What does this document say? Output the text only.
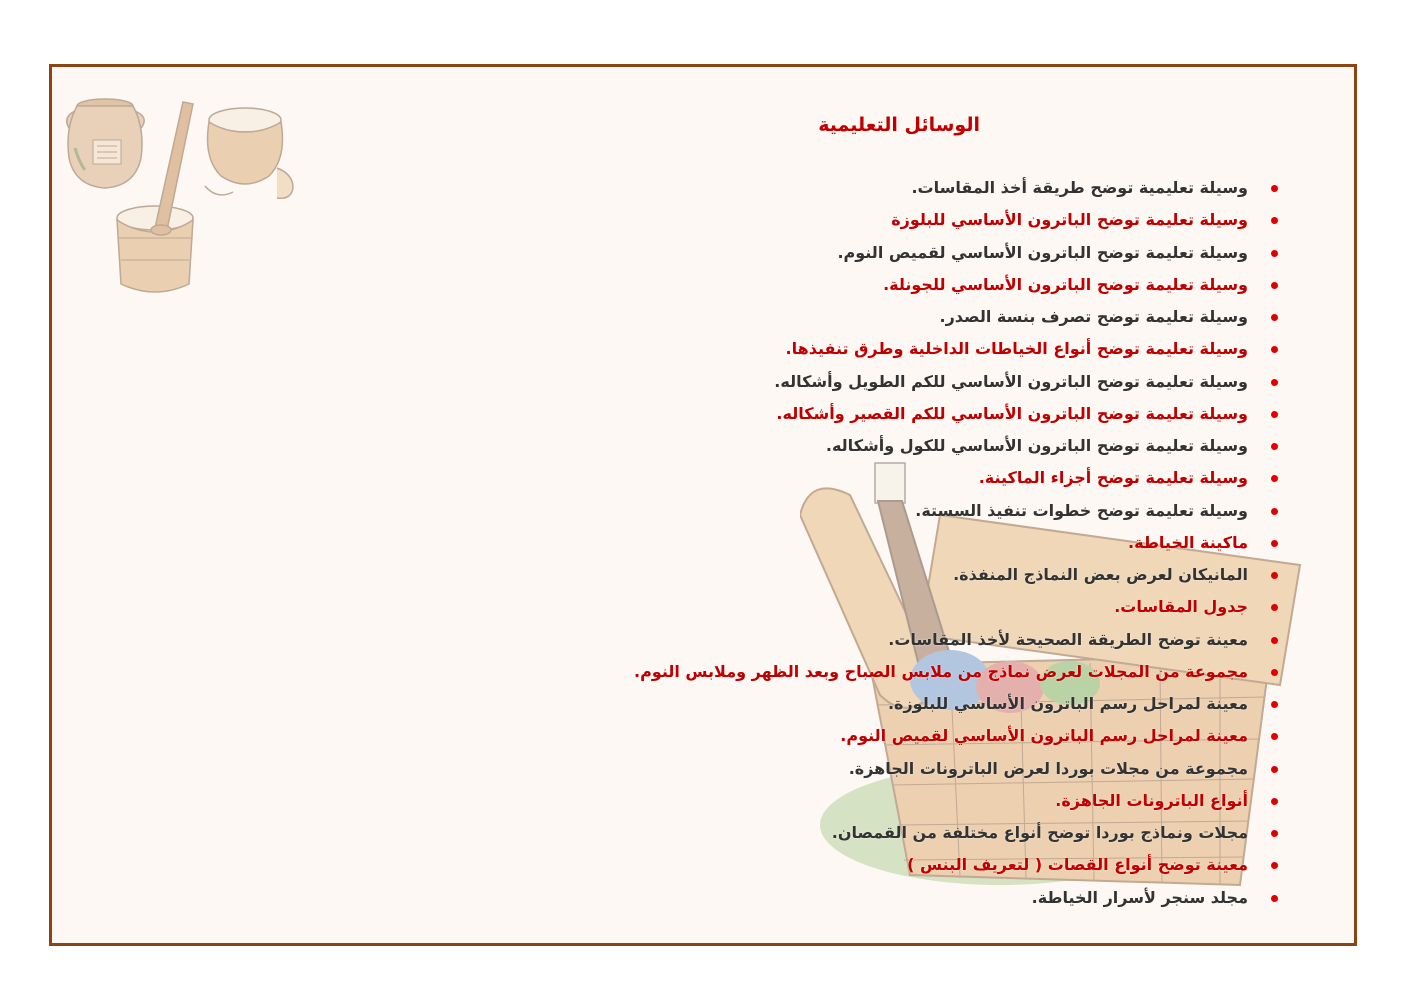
الوسائل التعليمية
وسيلة تعليمية توضح طريقة أخذ المقاسات.
وسيلة تعليمة توضح الباترون الأساسي للبلوزة
وسيلة تعليمة توضح الباترون الأساسي لقميص النوم.
وسيلة تعليمة توضح الباترون الأساسي للجونلة.
وسيلة تعليمة توضح تصرف بنسة الصدر.
وسيلة تعليمة توضح أنواع الخياطات الداخلية وطرق تنفيذها.
وسيلة تعليمة توضح الباترون الأساسي للكم الطويل وأشكاله.
وسيلة تعليمة توضح الباترون الأساسي للكم القصير وأشكاله.
وسيلة تعليمة توضح الباترون الأساسي للكول وأشكاله.
وسيلة تعليمة توضح أجزاء الماكينة.
وسيلة تعليمة توضح خطوات تنفيذ السستة.
ماكينة الخياطة.
المانيكان لعرض بعض النماذج المنفذة.
جدول المقاسات.
معينة توضح الطريقة الصحيحة لأخذ المقاسات.
مجموعة من المجلات لعرض نماذج من ملابس الصباح وبعد الظهر وملابس النوم.
معينة لمراحل رسم الباترون الأساسي للبلوزة.
معينة لمراحل رسم الباترون الأساسي لقميص النوم.
مجموعة من مجلات بوردا لعرض الباترونات الجاهزة.
أنواع الباترونات الجاهزة.
مجلات ونماذج بوردا توضح أنواع مختلفة من القمصان.
معينة توضح أنواع القصات ( لتعريف البنس )
مجلد سنجر لأسرار الخياطة.
